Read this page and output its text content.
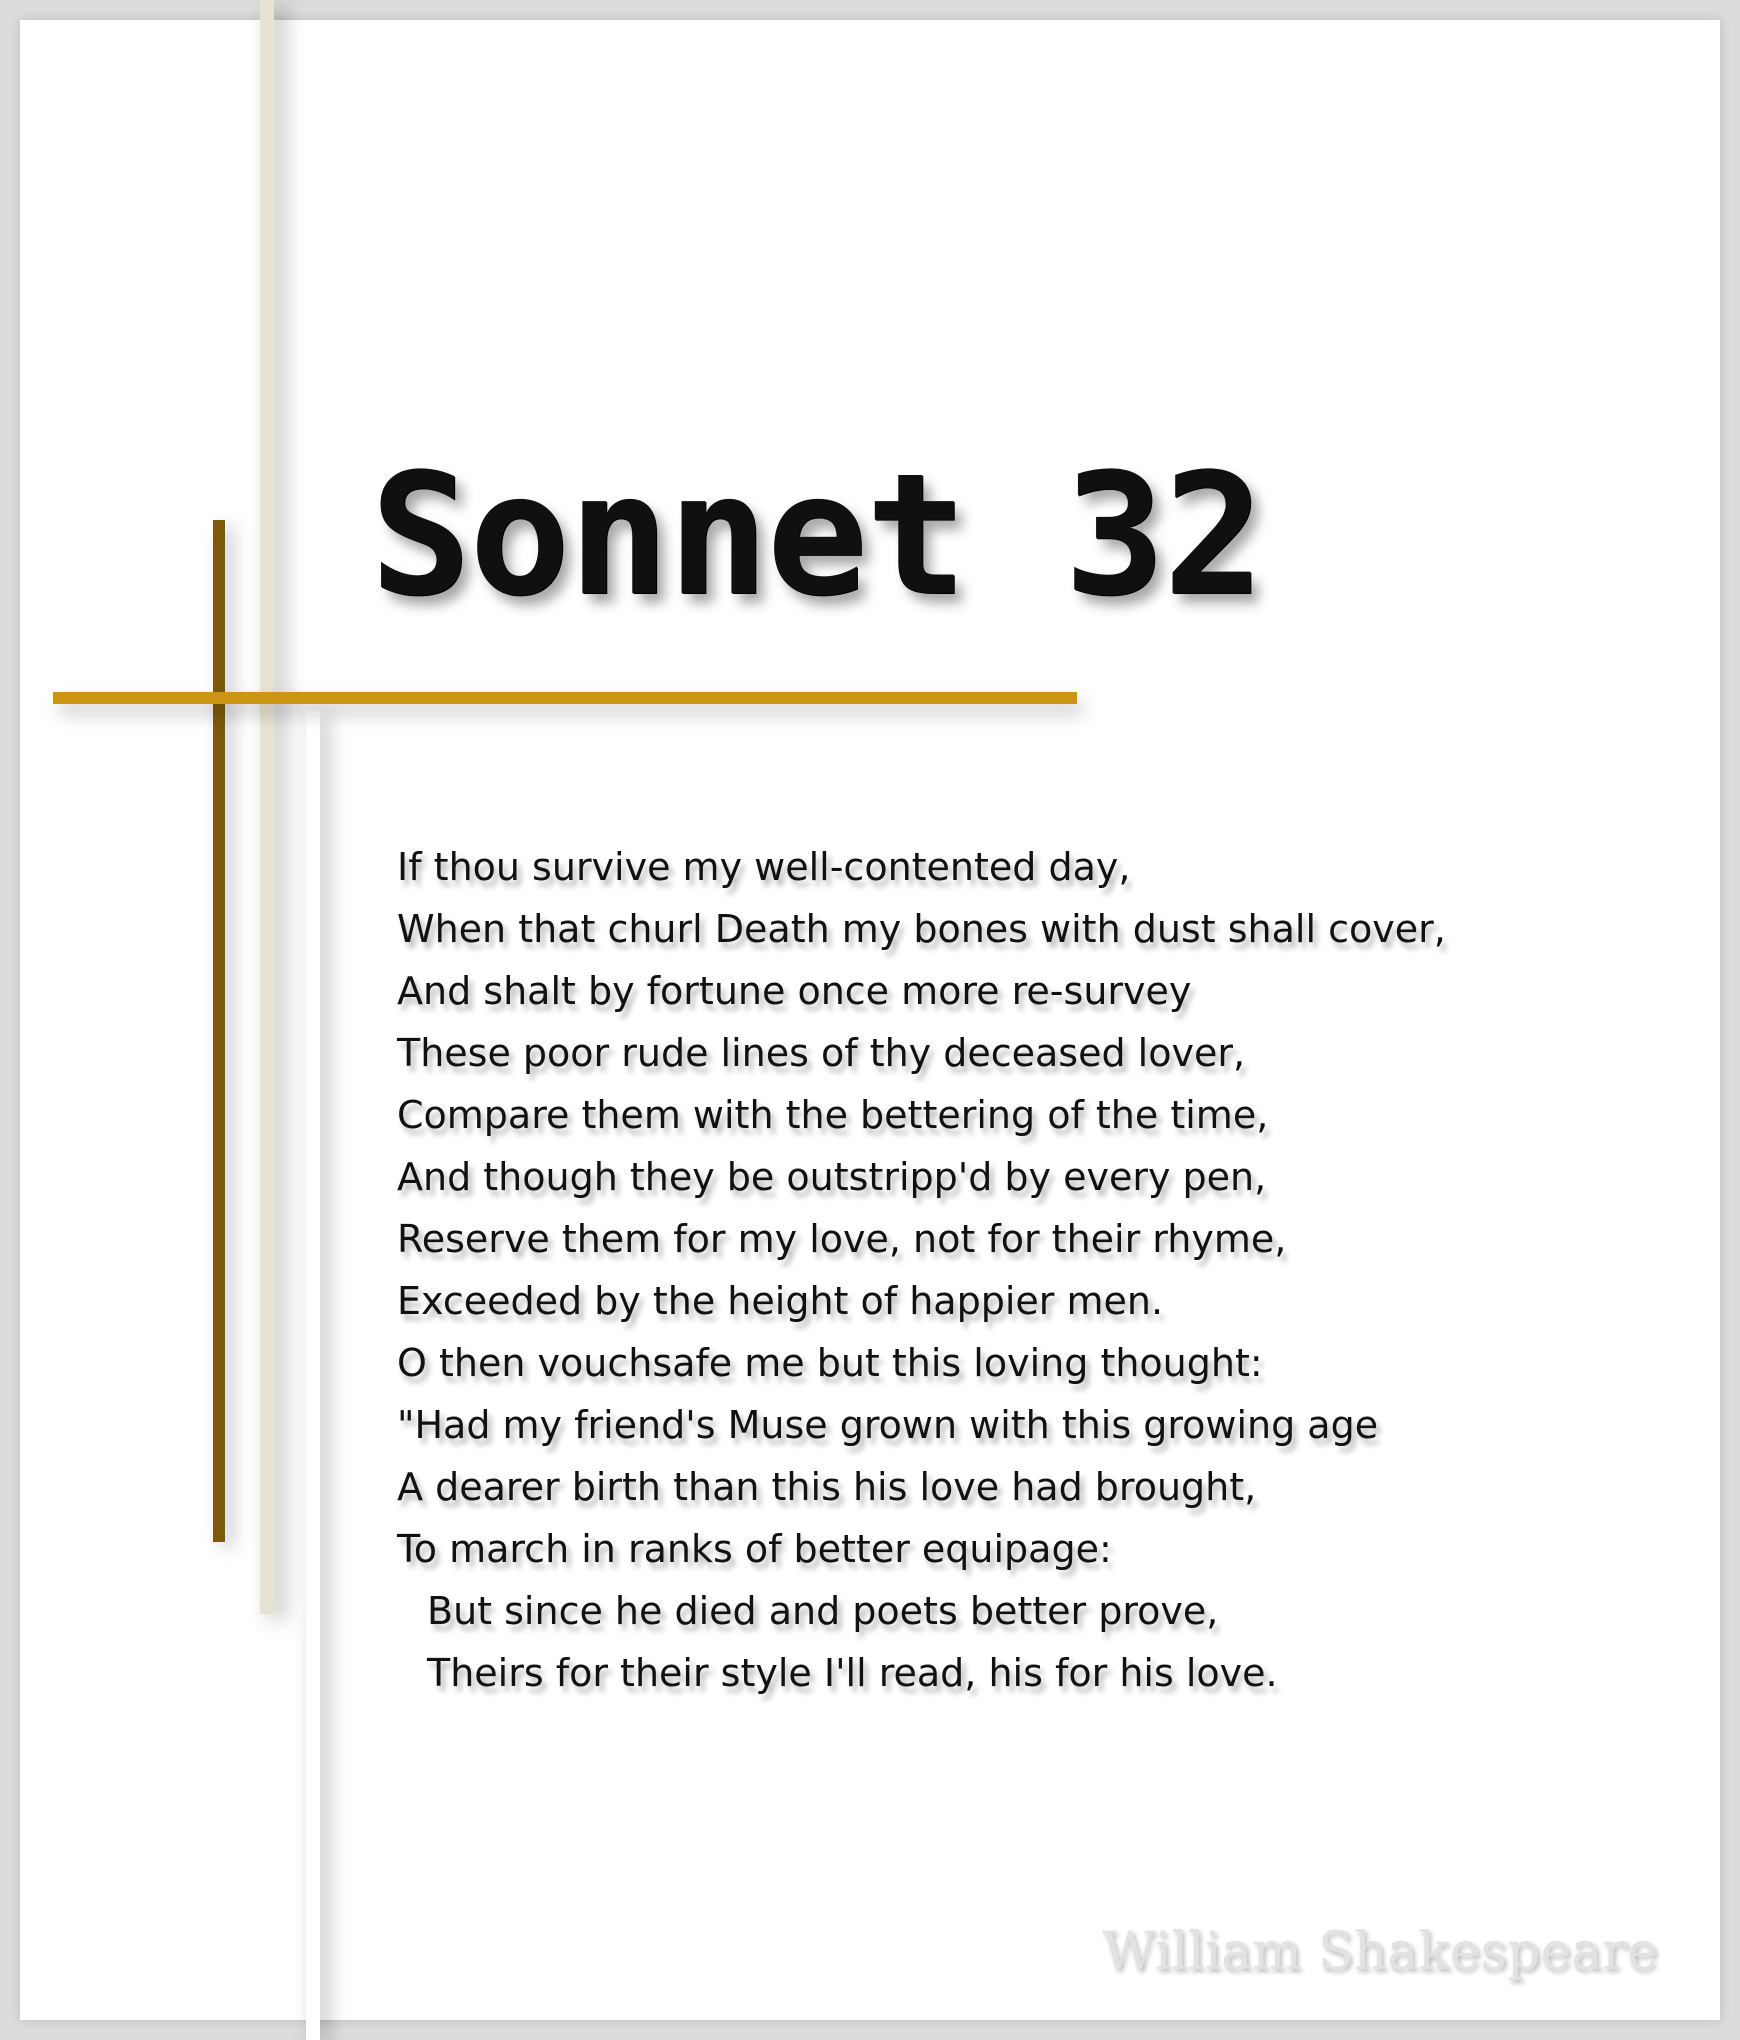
Sonnet 32
If thou survive my well-contented day,
When that churl Death my bones with dust shall cover,
And shalt by fortune once more re-survey
These poor rude lines of thy deceased lover,
Compare them with the bettering of the time,
And though they be outstripp'd by every pen,
Reserve them for my love, not for their rhyme,
Exceeded by the height of happier men.
O then vouchsafe me but this loving thought:
"Had my friend's Muse grown with this growing age
A dearer birth than this his love had brought,
To march in ranks of better equipage:
But since he died and poets better prove,
Theirs for their style I'll read, his for his love.

William Shakespeare
